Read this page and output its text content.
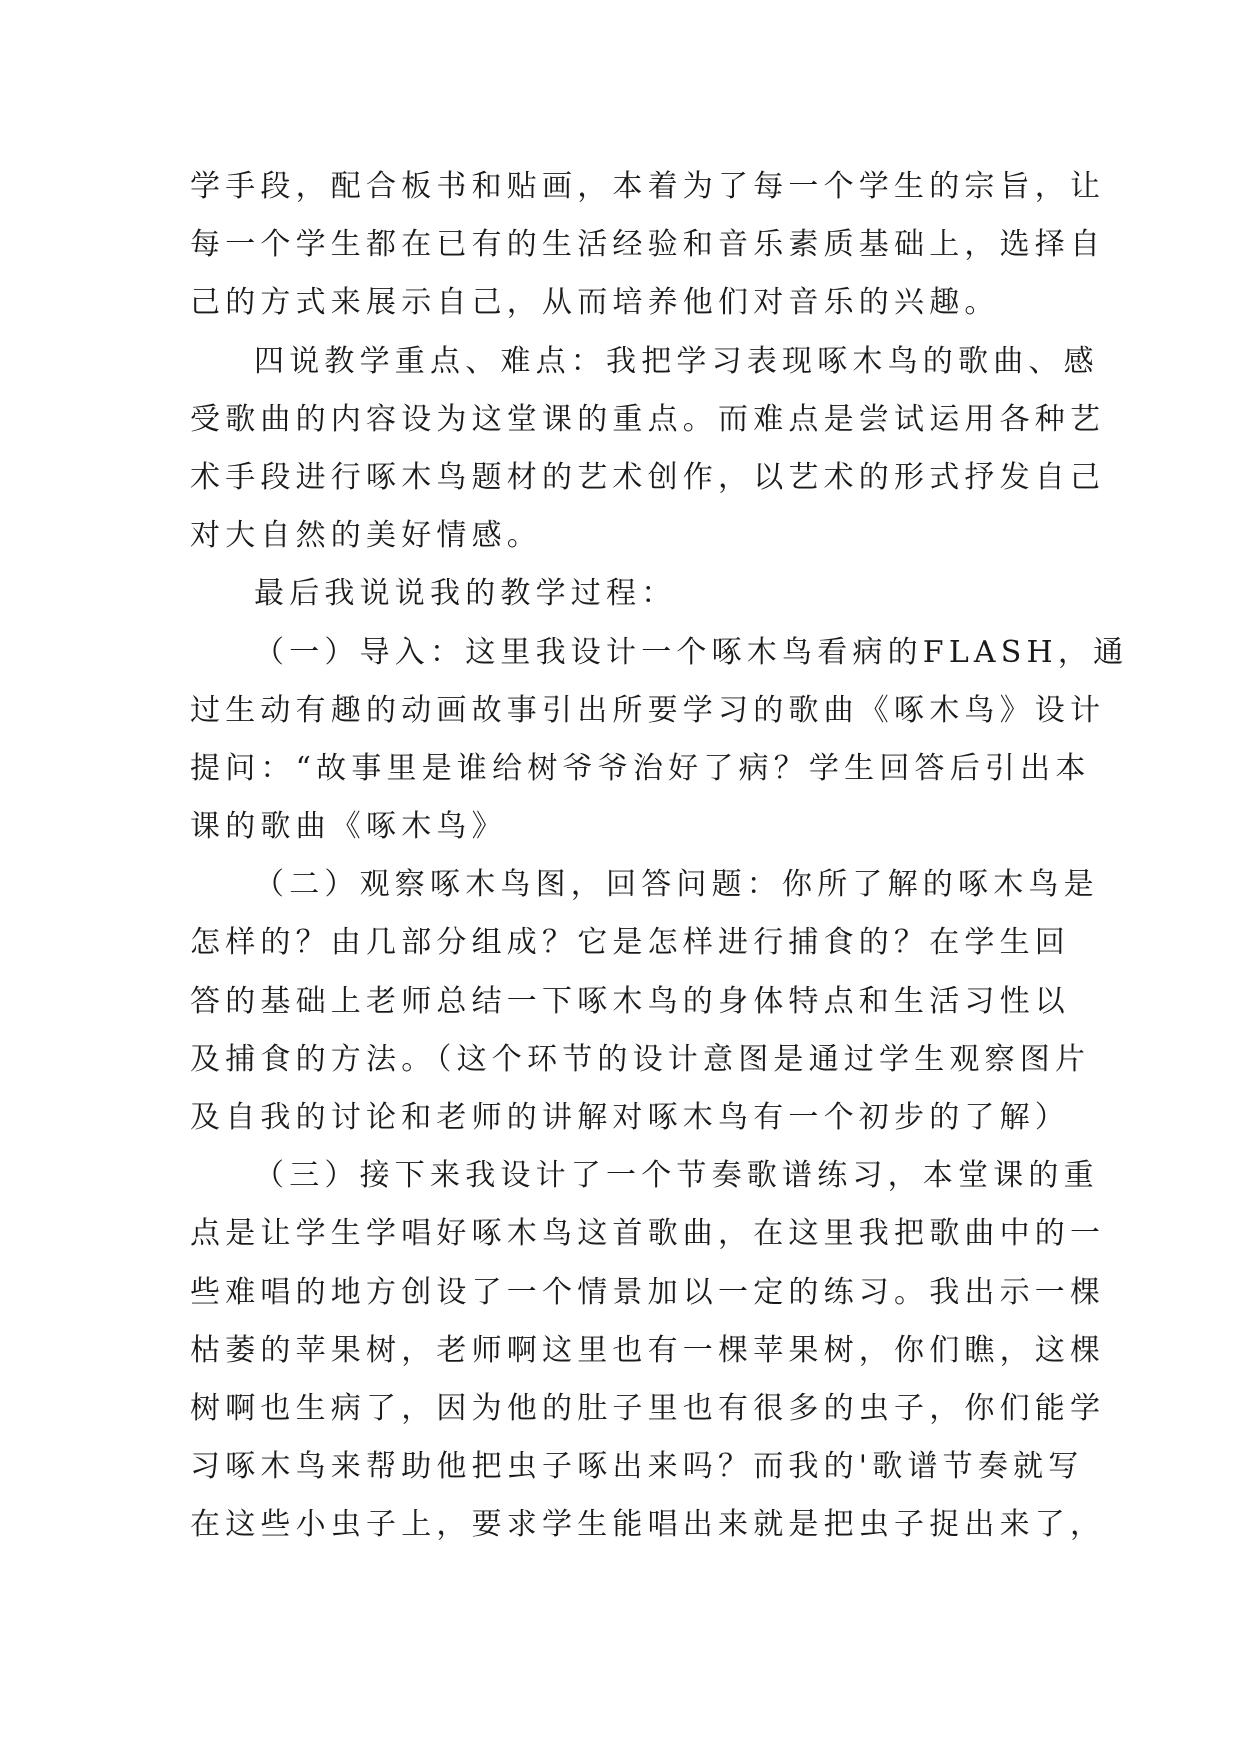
学手段，配合板书和贴画，本着为了每一个学生的宗旨，让
每一个学生都在已有的生活经验和音乐素质基础上，选择自
己的方式来展示自己，从而培养他们对音乐的兴趣。
四说教学重点、难点：我把学习表现啄木鸟的歌曲、感
受歌曲的内容设为这堂课的重点。而难点是尝试运用各种艺
术手段进行啄木鸟题材的艺术创作，以艺术的形式抒发自己
对大自然的美好情感。
最后我说说我的教学过程：
（一）导入：这里我设计一个啄木鸟看病的FLASH，通
过生动有趣的动画故事引出所要学习的歌曲《啄木鸟》设计
提问：“故事里是谁给树爷爷治好了病？学生回答后引出本
课的歌曲《啄木鸟》
（二）观察啄木鸟图，回答问题：你所了解的啄木鸟是
怎样的？由几部分组成？它是怎样进行捕食的？在学生回
答的基础上老师总结一下啄木鸟的身体特点和生活习性以
及捕食的方法。（这个环节的设计意图是通过学生观察图片
及自我的讨论和老师的讲解对啄木鸟有一个初步的了解）
（三）接下来我设计了一个节奏歌谱练习，本堂课的重
点是让学生学唱好啄木鸟这首歌曲，在这里我把歌曲中的一
些难唱的地方创设了一个情景加以一定的练习。我出示一棵
枯萎的苹果树，老师啊这里也有一棵苹果树，你们瞧，这棵
树啊也生病了，因为他的肚子里也有很多的虫子，你们能学
习啄木鸟来帮助他把虫子啄出来吗？而我的'歌谱节奏就写
在这些小虫子上，要求学生能唱出来就是把虫子捉出来了，
